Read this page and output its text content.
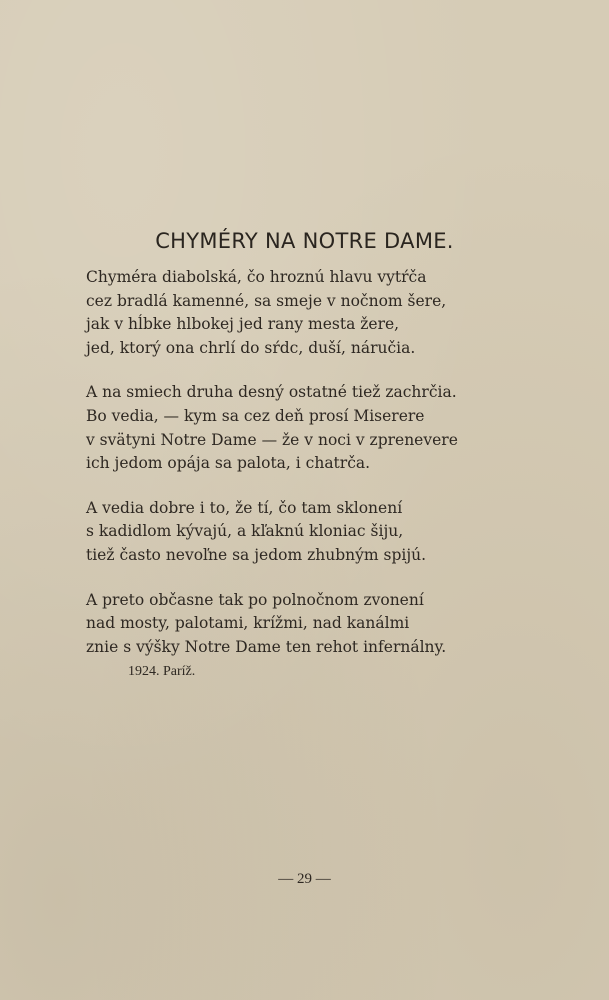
CHYMÉRY NA NOTRE DAME.
Chyméra diabolská, čo hroznú hlavu vytŕča
cez bradlá kamenné, sa smeje v nočnom šere,
jak v hĺbke hlbokej jed rany mesta žere,
jed, ktorý ona chrlí do sŕdc, duší, náručia.
A na smiech druha desný ostatné tiež zachrčia.
Bo vedia, — kym sa cez deň prosí Miserere
v svätyni Notre Dame — že v noci v zprenevere
ich jedom opája sa palota, i chatrča.
A vedia dobre i to, že tí, čo tam sklonení
s kadidlom kývajú, a kľaknú kloniac šiju,
tiež často nevoľne sa jedom zhubným spijú.
A preto občasne tak po polnočnom zvonení
nad mosty, palotami, krížmi, nad kanálmi
znie s výšky Notre Dame ten rehot infernálny.
1924. Paríž.
— 29 —
